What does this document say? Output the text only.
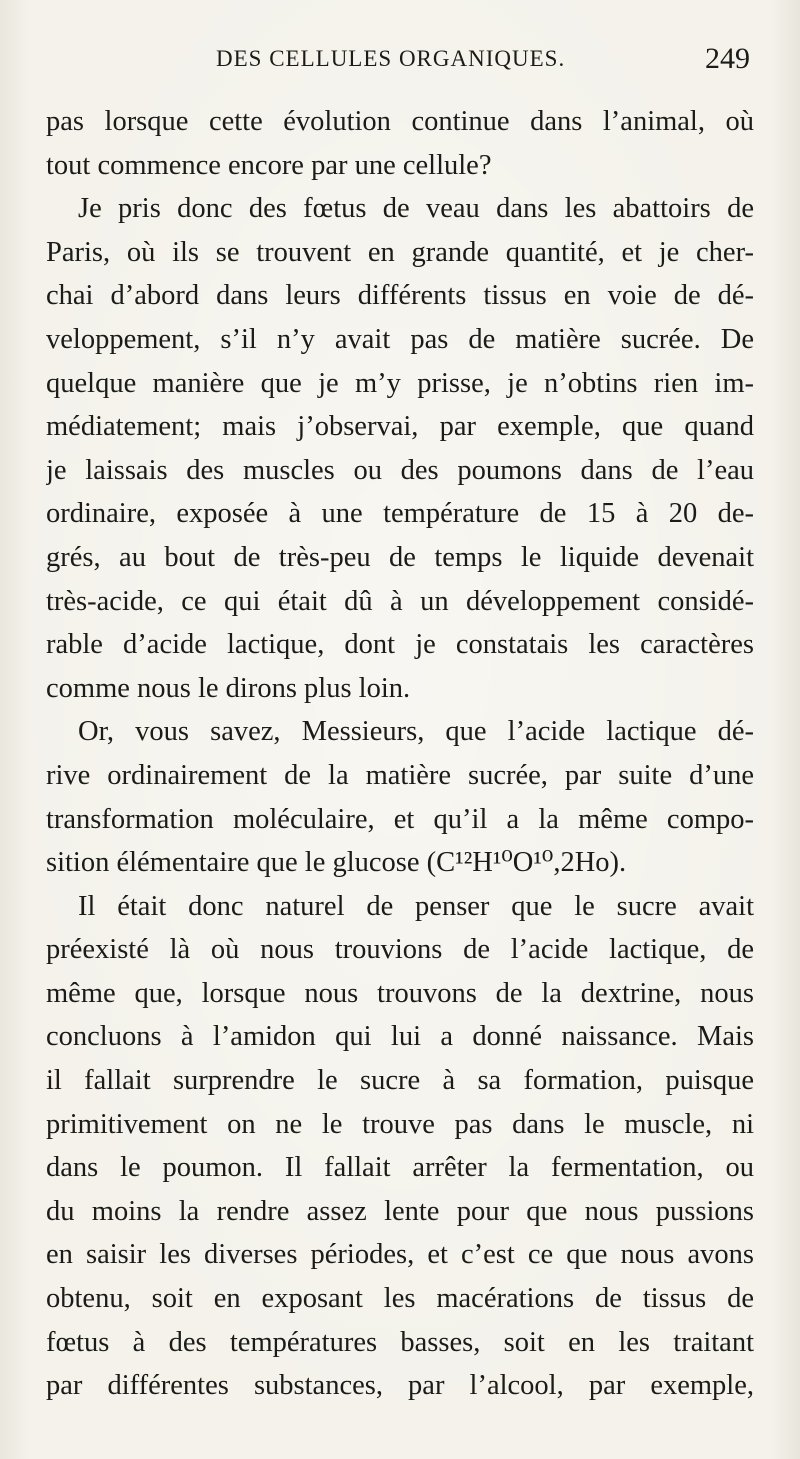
DES CELLULES ORGANIQUES.	249
pas lorsque cette évolution continue dans l’animal, où
tout commence encore par une cellule?
Je pris donc des fœtus de veau dans les abattoirs de
Paris, où ils se trouvent en grande quantité, et je cher-
chai d’abord dans leurs différents tissus en voie de dé-
veloppement, s’il n’y avait pas de matière sucrée. De
quelque manière que je m’y prisse, je n’obtins rien im-
médiatement; mais j’observai, par exemple, que quand
je laissais des muscles ou des poumons dans de l’eau
ordinaire, exposée à une température de 15 à 20 de-
grés, au bout de très-peu de temps le liquide devenait
très-acide, ce qui était dû à un développement considé-
rable d’acide lactique, dont je constatais les caractères
comme nous le dirons plus loin.
Or, vous savez, Messieurs, que l’acide lactique dé-
rive ordinairement de la matière sucrée, par suite d’une
transformation moléculaire, et qu’il a la même compo-
sition élémentaire que le glucose (C¹²H¹⁰O¹⁰,2Ho).
Il était donc naturel de penser que le sucre avait
préexisté là où nous trouvions de l’acide lactique, de
même que, lorsque nous trouvons de la dextrine, nous
concluons à l’amidon qui lui a donné naissance. Mais
il fallait surprendre le sucre à sa formation, puisque
primitivement on ne le trouve pas dans le muscle, ni
dans le poumon. Il fallait arrêter la fermentation, ou
du moins la rendre assez lente pour que nous pussions
en saisir les diverses périodes, et c’est ce que nous avons
obtenu, soit en exposant les macérations de tissus de
fœtus à des températures basses, soit en les traitant
par différentes substances, par l’alcool, par exemple,
